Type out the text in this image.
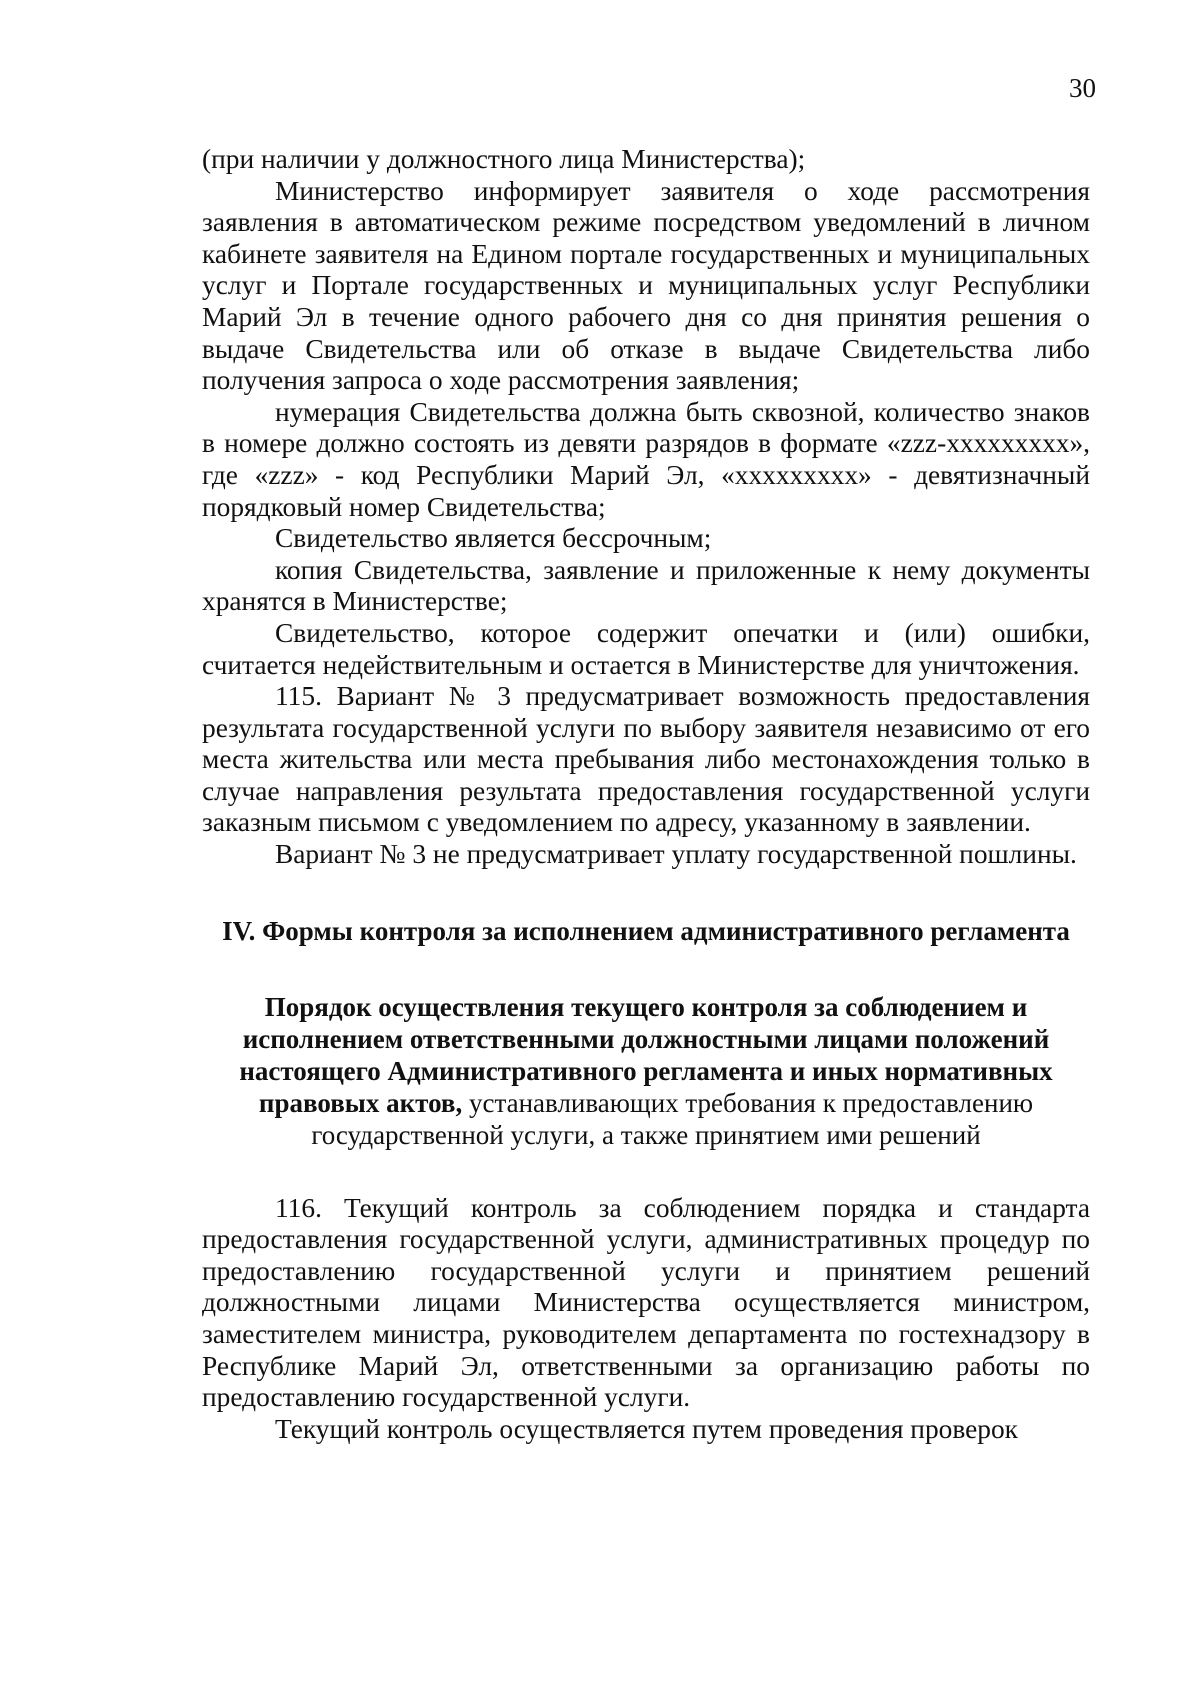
30

(при наличии у должностного лица Министерства);

Министерство информирует заявителя о ходе рассмотрения заявления в автоматическом режиме посредством уведомлений в личном кабинете заявителя на Едином портале государственных и муниципальных услуг и Портале государственных и муниципальных услуг Республики Марий Эл в течение одного рабочего дня со дня принятия решения о выдаче Свидетельства или об отказе в выдаче Свидетельства либо получения запроса о ходе рассмотрения заявления;

нумерация Свидетельства должна быть сквозной, количество знаков в номере должно состоять из девяти разрядов в формате «zzz-xxxxxxxxx», где «zzz» - код Республики Марий Эл, «xxxxxxxxx» - девятизначный порядковый номер Свидетельства;

Свидетельство является бессрочным;

копия Свидетельства, заявление и приложенные к нему документы хранятся в Министерстве;

Свидетельство, которое содержит опечатки и (или) ошибки, считается недействительным и остается в Министерстве для уничтожения.

115. Вариант № 3 предусматривает возможность предоставления результата государственной услуги по выбору заявителя независимо от его места жительства или места пребывания либо местонахождения только в случае направления результата предоставления государственной услуги заказным письмом с уведомлением по адресу, указанному в заявлении.

Вариант № 3 не предусматривает уплату государственной пошлины.

IV. Формы контроля за исполнением административного регламента
Порядок осуществления текущего контроля за соблюдением и исполнением ответственными должностными лицами положений настоящего Административного регламента и иных нормативных правовых актов, устанавливающих требования к предоставлению государственной услуги, а также принятием ими решений

116. Текущий контроль за соблюдением порядка и стандарта предоставления государственной услуги, административных процедур по предоставлению государственной услуги и принятием решений должностными лицами Министерства осуществляется министром, заместителем министра, руководителем департамента по гостехнадзору в Республике Марий Эл, ответственными за организацию работы по предоставлению государственной услуги.

Текущий контроль осуществляется путем проведения проверок
